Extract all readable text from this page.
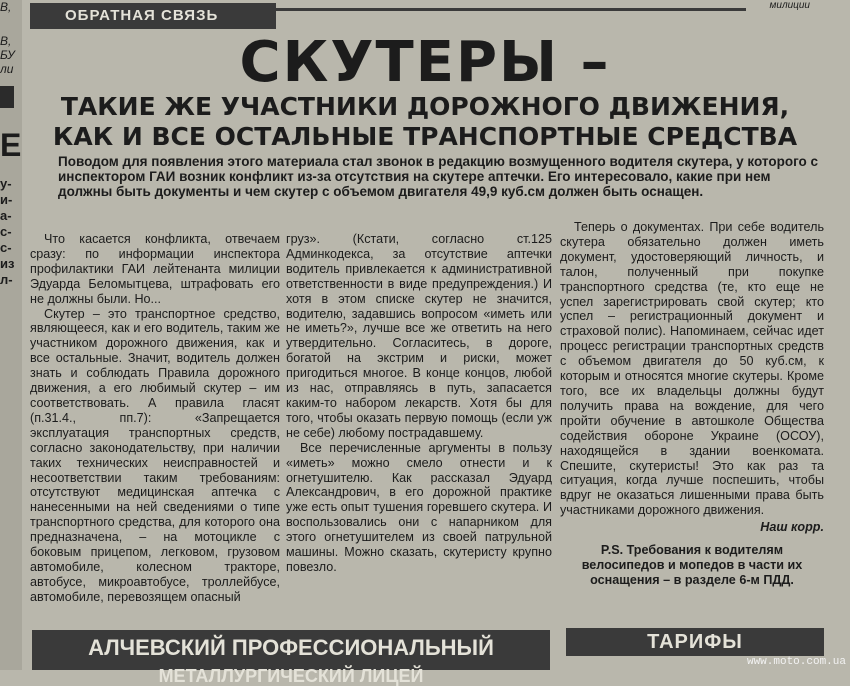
B,
B,
БУ
ли
E
у-
и-
а-
c-
c-
из
л-
ОБРАТНАЯ СВЯЗЬ
милиции
СКУТЕРЫ –
ТАКИЕ ЖЕ УЧАСТНИКИ ДОРОЖНОГО ДВИЖЕНИЯ,
КАК И ВСЕ ОСТАЛЬНЫЕ ТРАНСПОРТНЫЕ СРЕДСТВА
Поводом для появления этого материала стал звонок в редакцию возмущенного водителя скутера, у которого с инспектором ГАИ возник конфликт из-за отсутствия на скутере аптечки. Его интересовало, какие при нем должны быть документы и чем скутер с объемом двигателя 49,9 куб.см должен быть оснащен.

Что касается конфликта, отвечаем сразу: по информации инспектора профилактики ГАИ лейтенанта милиции Эдуарда Беломытцева, штрафовать его не должны были. Но...

Скутер – это транспортное средство, являющееся, как и его водитель, таким же участником дорожного движения, как и все остальные. Значит, водитель должен знать и соблюдать Правила дорожного движения, а его любимый скутер – им соответствовать. А правила гласят (п.31.4., пп.7): «Запрещается эксплуатация транспортных средств, согласно законодательству, при наличии таких технических неисправностей и несоответствии таким требованиям: отсутствуют медицинская аптечка с нанесенными на ней сведениями о типе транспортного средства, для которого она предназначена, – на мотоцикле с боковым прицепом, легковом, грузовом автомобиле, колесном тракторе, автобусе, микроавтобусе, троллейбусе, автомобиле, перевозящем опасный

груз». (Кстати, согласно ст.125 Админкодекса, за отсутствие аптечки водитель привлекается к административной ответственности в виде предупреждения.) И хотя в этом списке скутер не значится, водителю, задавшись вопросом «иметь или не иметь?», лучше все же ответить на него утвердительно. Согласитесь, в дороге, богатой на экстрим и риски, может пригодиться многое. В конце концов, любой из нас, отправляясь в путь, запасается каким-то набором лекарств. Хотя бы для того, чтобы оказать первую помощь (если уж не себе) любому пострадавшему.

Все перечисленные аргументы в пользу «иметь» можно смело отнести и к огнетушителю. Как рассказал Эдуард Александрович, в его дорожной практике уже есть опыт тушения горевшего скутера. И воспользовались они с напарником для этого огнетушителем из своей патрульной машины. Можно сказать, скутеристу крупно повезло.

Теперь о документах. При себе водитель скутера обязательно должен иметь документ, удостоверяющий личность, и талон, полученный при покупке транспортного средства (те, кто еще не успел зарегистрировать свой скутер; кто успел – регистрационный документ и страховой полис). Напоминаем, сейчас идет процесс регистрации транспортных средств с объемом двигателя до 50 куб.см, к которым и относятся многие скутеры. Кроме того, все их владельцы должны будут получить права на вождение, для чего пройти обучение в автошколе Общества содействия обороне Украине (ОСОУ), находящейся в здании военкомата. Спешите, скутеристы! Это как раз та ситуация, когда лучше поспешить, чтобы вдруг не оказаться лишенными права быть участниками дорожного движения.

Наш корр.
P.S. Требования к водителям велосипедов и мопедов в части их оснащения – в разделе 6-м ПДД.
АЛЧЕВСКИЙ ПРОФЕССИОНАЛЬНЫЙ
МЕТАЛЛУРГИЧЕСКИЙ ЛИЦЕЙ
ТАРИФЫ
www.moto.com.ua
